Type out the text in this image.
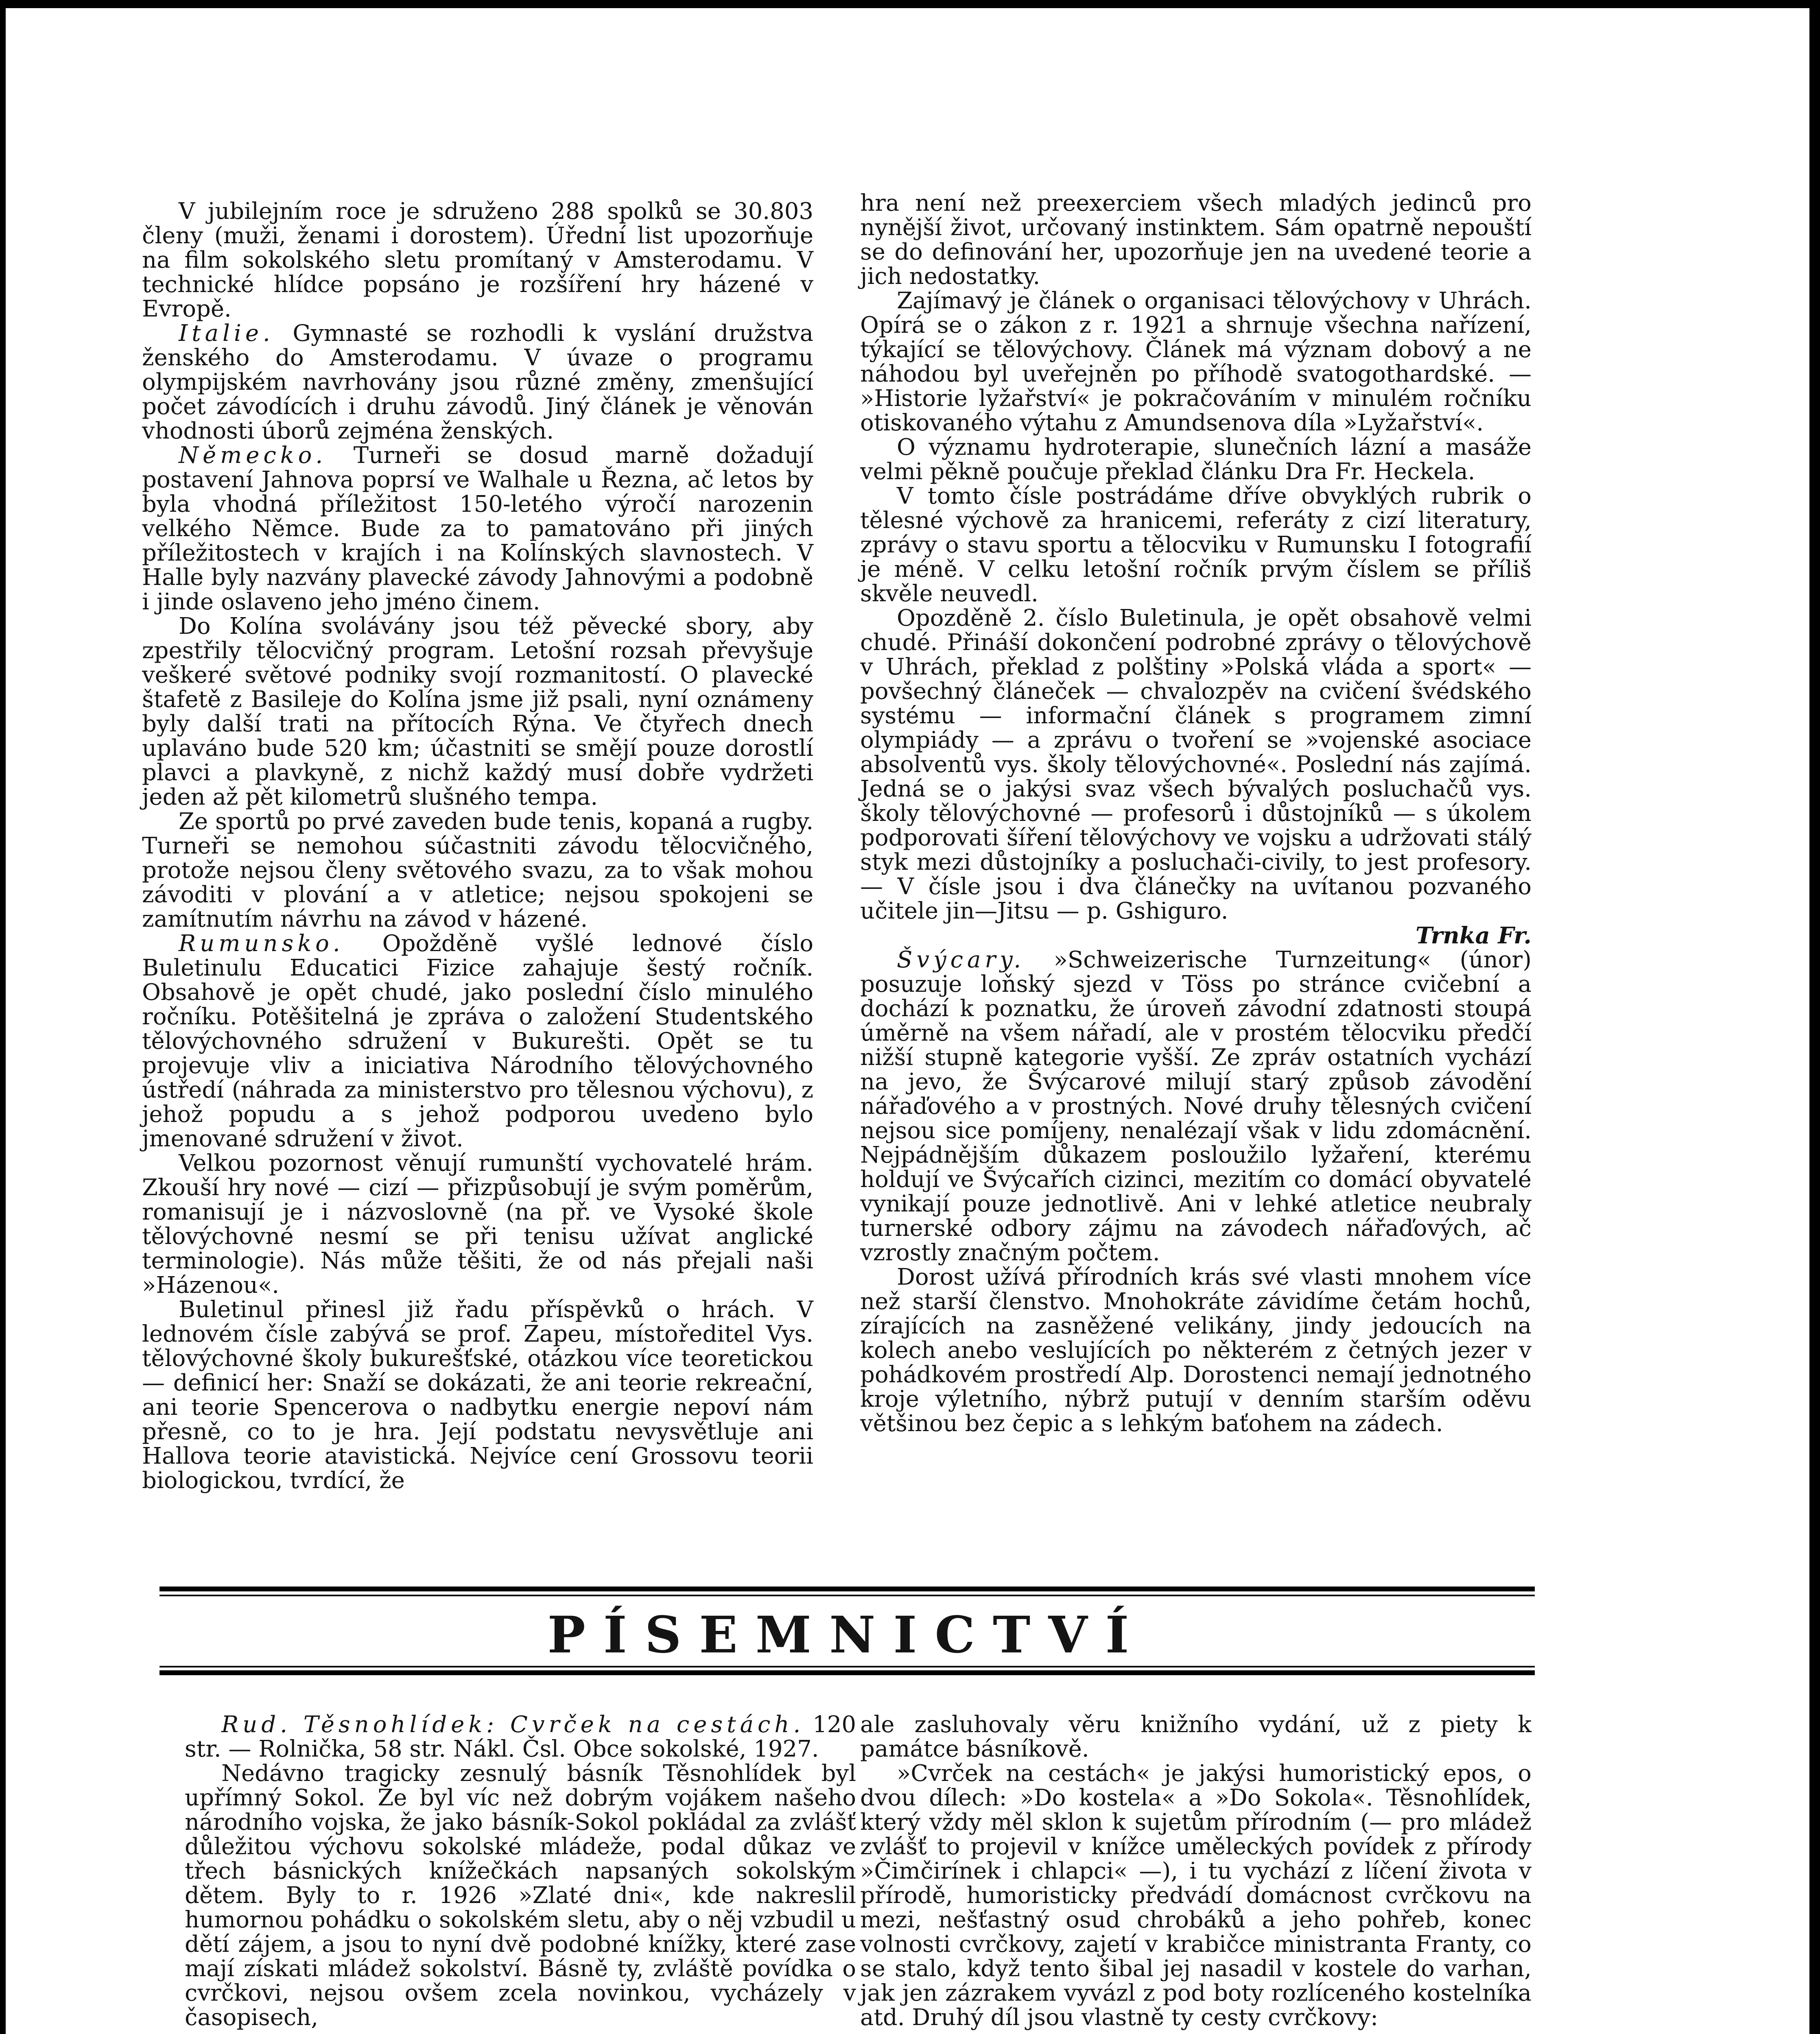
V jubilejním roce je sdruženo 288 spolků se 30.803 členy (muži, ženami i dorostem). Úřední list upozorňuje na film sokolského sletu promítaný v Amsterodamu. V technické hlídce popsáno je rozšíření hry házené v Evropě.

Italie. Gymnasté se rozhodli k vyslání družstva ženského do Amsterodamu. V úvaze o programu olympijském navrhovány jsou různé změny, zmenšující počet závodících i druhu závodů. Jiný článek je věnován vhodnosti úborů zejména ženských.

Německo. Turneři se dosud marně dožadují postavení Jahnova poprsí ve Walhale u Řezna, ač letos by byla vhodná příležitost 150-letého výročí narozenin velkého Němce. Bude za to pamatováno při jiných příležitostech v krajích i na Kolínských slavnostech. V Halle byly nazvány plavecké závody Jahnovými a podobně i jinde oslaveno jeho jméno činem.

Do Kolína svolávány jsou též pěvecké sbory, aby zpestřily tělocvičný program. Letošní rozsah převyšuje veškeré světové podniky svojí rozmanitostí. O plavecké štafetě z Basileje do Kolína jsme již psali, nyní oznámeny byly další trati na přítocích Rýna. Ve čtyřech dnech uplaváno bude 520 km; účastniti se smějí pouze dorostlí plavci a plavkyně, z nichž každý musí dobře vydržeti jeden až pět kilometrů slušného tempa.

Ze sportů po prvé zaveden bude tenis, kopaná a rugby. Turneři se nemohou súčastniti závodu tělocvičného, protože nejsou členy světového svazu, za to však mohou závoditi v plování a v atletice; nejsou spokojeni se zamítnutím návrhu na závod v házené.

Rumunsko. Opožděně vyšlé lednové číslo Buletinulu Educatici Fizice zahajuje šestý ročník. Obsahově je opět chudé, jako poslední číslo minulého ročníku. Potěšitelná je zpráva o založení Studentského tělovýchovného sdružení v Bukurešti. Opět se tu projevuje vliv a iniciativa Národního tělovýchovného ústředí (náhrada za ministerstvo pro tělesnou výchovu), z jehož popudu a s jehož podporou uvedeno bylo jmenované sdružení v život.

Velkou pozornost věnují rumunští vychovatelé hrám. Zkouší hry nové — cizí — přizpůsobují je svým poměrům, romanisují je i názvoslovně (na př. ve Vysoké škole tělovýchovné nesmí se při tenisu užívat anglické terminologie). Nás může těšiti, že od nás přejali naši »Házenou«.

Buletinul přinesl již řadu příspěvků o hrách. V lednovém čísle zabývá se prof. Zapeu, místoředitel Vys. tělovýchovné školy bukurešťské, otázkou více teoretickou — definicí her: Snaží se dokázati, že ani teorie rekreační, ani teorie Spencerova o nadbytku energie nepoví nám přesně, co to je hra. Její podstatu nevysvětluje ani Hallova teorie atavistická. Nejvíce cení Grossovu teorii biologickou, tvrdící, že

hra není než preexerciem všech mladých jedinců pro nynější život, určovaný instinktem. Sám opatrně nepouští se do definování her, upozorňuje jen na uvedené teorie a jich nedostatky.

Zajímavý je článek o organisaci tělovýchovy v Uhrách. Opírá se o zákon z r. 1921 a shrnuje všechna nařízení, týkající se tělovýchovy. Článek má význam dobový a ne náhodou byl uveřejněn po příhodě svatogothardské. — »Historie lyžařství« je pokračováním v minulém ročníku otiskovaného výtahu z Amundsenova díla »Lyžařství«.

O významu hydroterapie, slunečních lázní a masáže velmi pěkně poučuje překlad článku Dra Fr. Heckela.

V tomto čísle postrádáme dříve obvyklých rubrik o tělesné výchově za hranicemi, referáty z cizí literatury, zprávy o stavu sportu a tělocviku v Rumunsku I fotografií je méně. V celku letošní ročník prvým číslem se příliš skvěle neuvedl.

Opozděně 2. číslo Buletinula, je opět obsahově velmi chudé. Přináší dokončení podrobné zprávy o tělovýchově v Uhrách, překlad z polštiny »Polská vláda a sport« — povšechný článeček — chvalozpěv na cvičení švédského systému — informační článek s programem zimní olympiády — a zprávu o tvoření se »vojenské asociace absolventů vys. školy tělovýchovné«. Poslední nás zajímá. Jedná se o jakýsi svaz všech bývalých posluchačů vys. školy tělovýchovné — profesorů i důstojníků — s úkolem podporovati šíření tělovýchovy ve vojsku a udržovati stálý styk mezi důstojníky a posluchači-civily, to jest profesory. — V čísle jsou i dva článečky na uvítanou pozvaného učitele jin—Jitsu — p. Gshiguro.

Trnka Fr.

Švýcary. »Schweizerische Turnzeitung« (únor) posuzuje loňský sjezd v Töss po stránce cvičební a dochází k poznatku, že úroveň závodní zdatnosti stoupá úměrně na všem nářadí, ale v prostém tělocviku předčí nižší stupně kategorie vyšší. Ze zpráv ostatních vychází na jevo, že Švýcarové milují starý způsob závodění nářaďového a v prostných. Nové druhy tělesných cvičení nejsou sice pomíjeny, nenalézají však v lidu zdomácnění. Nejpádnějším důkazem posloužilo lyžaření, kterému holdují ve Švýcařích cizinci, mezitím co domácí obyvatelé vynikají pouze jednotlivě. Ani v lehké atletice neubraly turnerské odbory zájmu na závodech nářaďových, ač vzrostly značným počtem.

Dorost užívá přírodních krás své vlasti mnohem více než starší členstvo. Mnohokráte závidíme četám hochů, zírajících na zasněžené velikány, jindy jedoucích na kolech anebo veslujících po některém z četných jezer v pohádkovém prostředí Alp. Dorostenci nemají jednotného kroje výletního, nýbrž putují v denním starším oděvu většinou bez čepic a s lehkým baťohem na zádech.

PÍSEMNICTVÍ

Rud. Těsnohlídek: Cvrček na cestách. 120 str. — Rolnička, 58 str. Nákl. Čsl. Obce sokolské, 1927.

Nedávno tragicky zesnulý básník Těsnohlídek byl upřímný Sokol. Že byl víc než dobrým vojákem našeho národního vojska, že jako básník-Sokol pokládal za zvlášť důležitou výchovu sokolské mládeže, podal důkaz ve třech básnických knížečkách napsaných sokolským dětem. Byly to r. 1926 »Zlaté dni«, kde nakreslil humornou pohádku o sokolském sletu, aby o něj vzbudil u dětí zájem, a jsou to nyní dvě podobné knížky, které zase mají získati mládež sokolství. Básně ty, zvláště povídka o cvrčkovi, nejsou ovšem zcela novinkou, vycházely v časopisech,

ale zasluhovaly věru knižního vydání, už z piety k památce básníkově.

»Cvrček na cestách« je jakýsi humoristický epos, o dvou dílech: »Do kostela« a »Do Sokola«. Těsnohlídek, který vždy měl sklon k sujetům přírodním (— pro mládež zvlášť to projevil v knížce uměleckých povídek z přírody »Čimčirínek i chlapci« —), i tu vychází z líčení života v přírodě, humoristicky předvádí domácnost cvrčkovu na mezi, nešťastný osud chrobáků a jeho pohřeb, konec volnosti cvrčkovy, zajetí v krabičce ministranta Franty, co se stalo, když tento šibal jej nasadil v kostele do varhan, jak jen zázrakem vyvázl z pod boty rozlíceného kostelníka atd. Druhý díl jsou vlastně ty cesty cvrčkovy:
